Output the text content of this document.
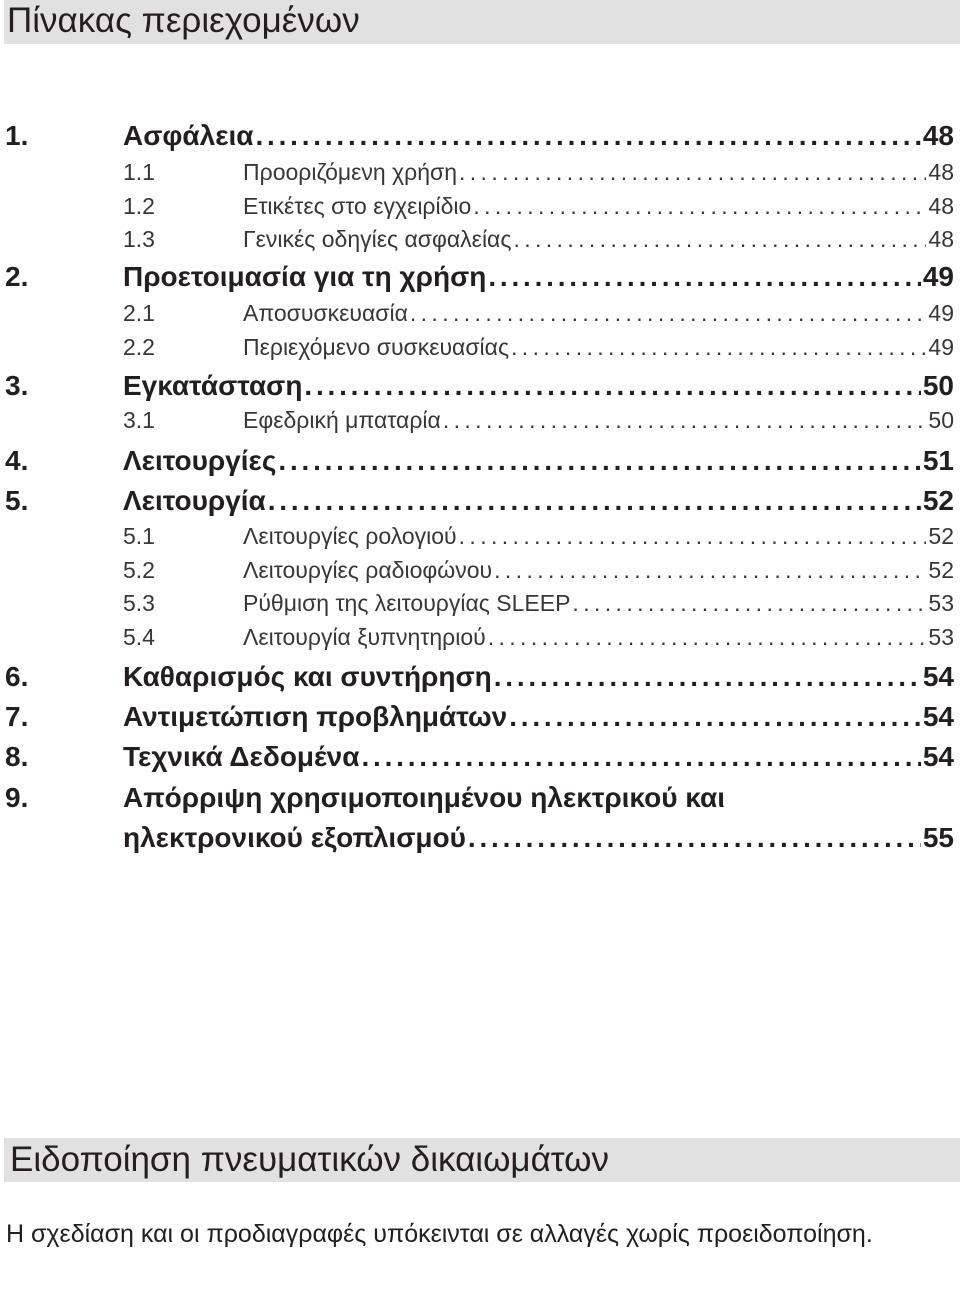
Πίνακας περιεχομένων
1.	Ασφάλεια . . .	48
1.1	Προοριζόμενη χρήση . . .	48
1.2	Ετικέτες στο εγχειρίδιο . . .	48
1.3	Γενικές οδηγίες ασφαλείας . . .	48
2.	Προετοιμασία για τη χρήση . . .	49
2.1	Αποσυσκευασία . . .	49
2.2	Περιεχόμενο συσκευασίας . . .	49
3.	Εγκατάσταση . . .	50
3.1	Εφεδρική μπαταρία . . .	50
4.	Λειτουργίες . . .	51
5.	Λειτουργία . . .	52
5.1	Λειτουργίες ρολογιού . . .	52
5.2	Λειτουργίες ραδιοφώνου . . .	52
5.3	Ρύθμιση της λειτουργίας SLEEP . . .	53
5.4	Λειτουργία ξυπνητηριού . . .	53
6.	Καθαρισμός και συντήρηση . . .	54
7.	Αντιμετώπιση προβλημάτων . . .	54
8.	Τεχνικά Δεδομένα . . .	54
9.	Απόρριψη χρησιμοποιημένου ηλεκτρικού και
ηλεκτρονικού εξοπλισμού . . .	55
Ειδοποίηση πνευματικών δικαιωμάτων
Η σχεδίαση και οι προδιαγραφές υπόκεινται σε αλλαγές χωρίς προειδοποίηση.
